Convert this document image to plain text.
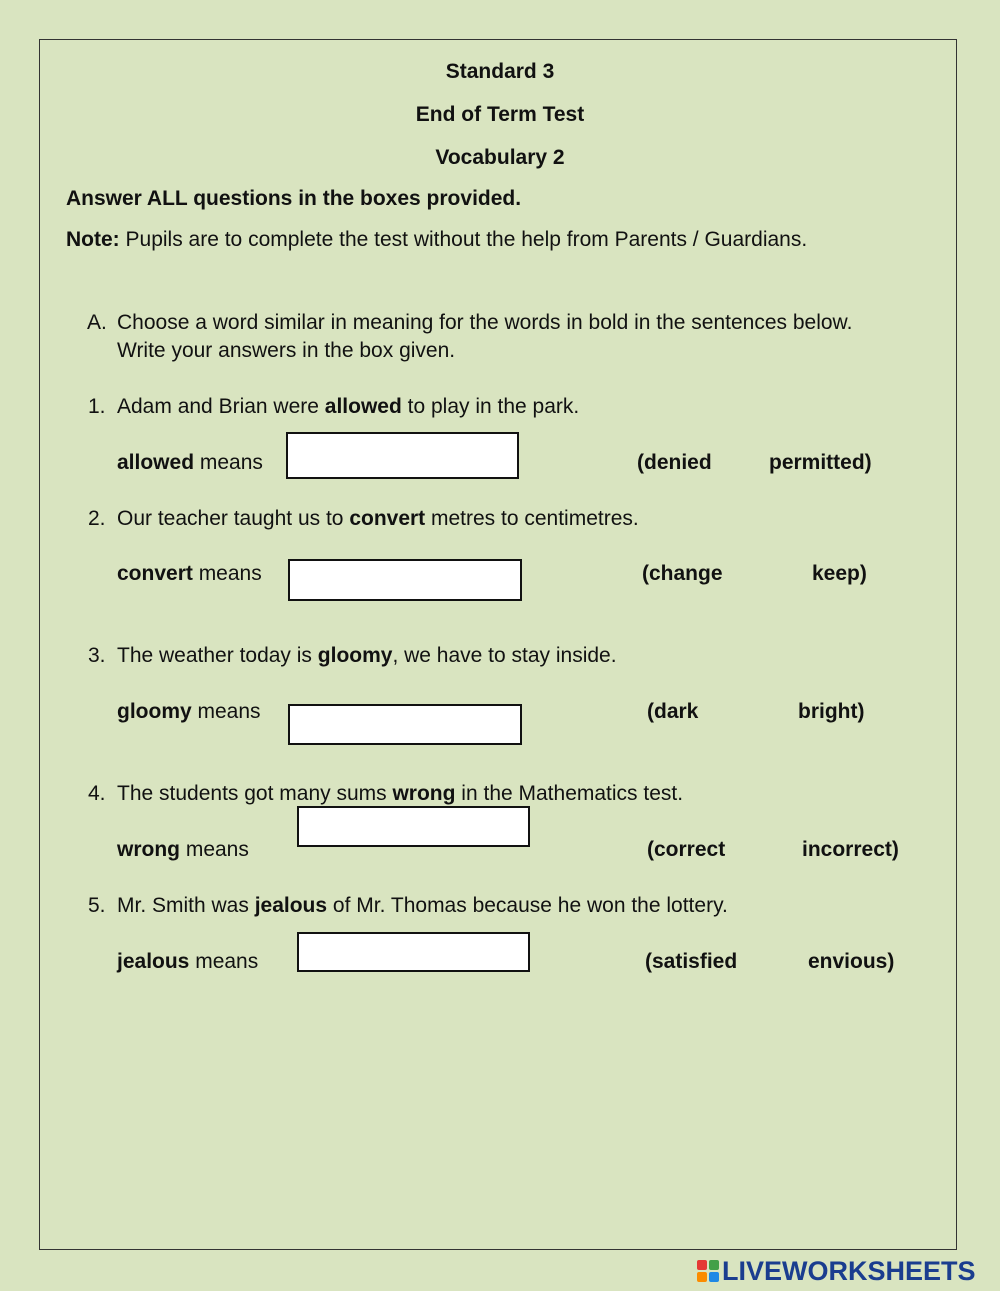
Standard 3
End of Term Test
Vocabulary 2
Answer ALL questions in the boxes provided.
Note: Pupils are to complete the test without the help from Parents / Guardians.
A. Choose a word similar in meaning for the words in bold in the sentences below.
Write your answers in the box given.
1. Adam and Brian were allowed to play in the park.
allowed means	(denied	permitted)
2. Our teacher taught us to convert metres to centimetres.
convert means	(change	keep)
3. The weather today is gloomy, we have to stay inside.
gloomy means	(dark	bright)
4. The students got many sums wrong in the Mathematics test.
wrong means	(correct	incorrect)
5. Mr. Smith was jealous of Mr. Thomas because he won the lottery.
jealous means	(satisfied	envious)
LIVEWORKSHEETS
